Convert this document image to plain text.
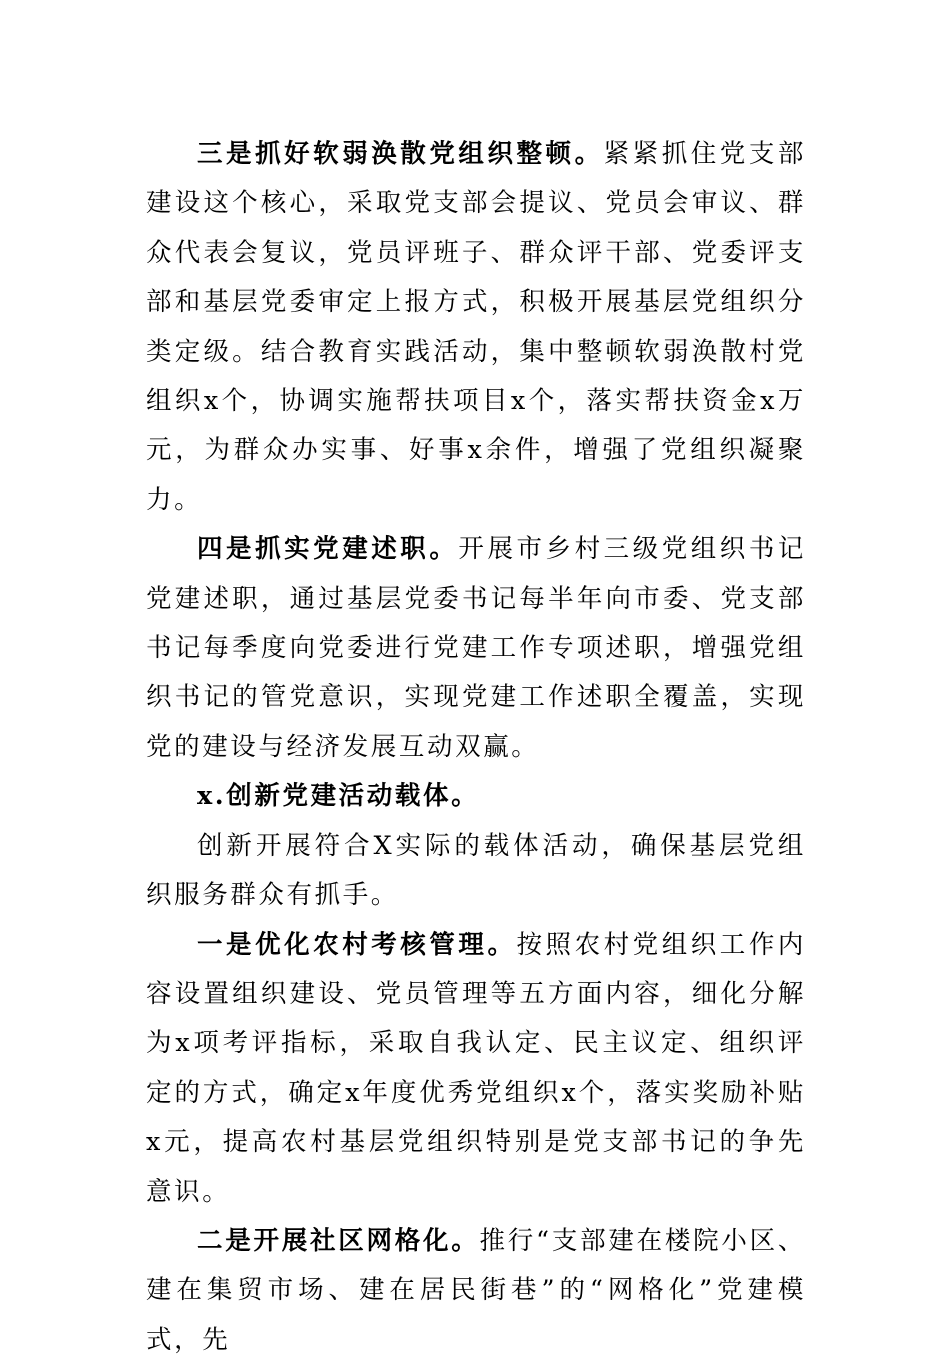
三是抓好软弱涣散党组织整顿。紧紧抓住党支部建设这个核心，采取党支部会提议、党员会审议、群众代表会复议，党员评班子、群众评干部、党委评支部和基层党委审定上报方式，积极开展基层党组织分类定级。结合教育实践活动，集中整顿软弱涣散村党组织x个，协调实施帮扶项目x个，落实帮扶资金x万元，为群众办实事、好事x余件，增强了党组织凝聚力。

四是抓实党建述职。开展市乡村三级党组织书记党建述职，通过基层党委书记每半年向市委、党支部书记每季度向党委进行党建工作专项述职，增强党组织书记的管党意识，实现党建工作述职全覆盖，实现党的建设与经济发展互动双赢。

x.创新党建活动载体。

创新开展符合X实际的载体活动，确保基层党组织服务群众有抓手。

一是优化农村考核管理。按照农村党组织工作内容设置组织建设、党员管理等五方面内容，细化分解为x项考评指标，采取自我认定、民主议定、组织评定的方式，确定x年度优秀党组织x个，落实奖励补贴x元，提高农村基层党组织特别是党支部书记的争先意识。

二是开展社区网格化。推行“支部建在楼院小区、建在集贸市场、建在居民街巷”的“网格化”党建模式，先
